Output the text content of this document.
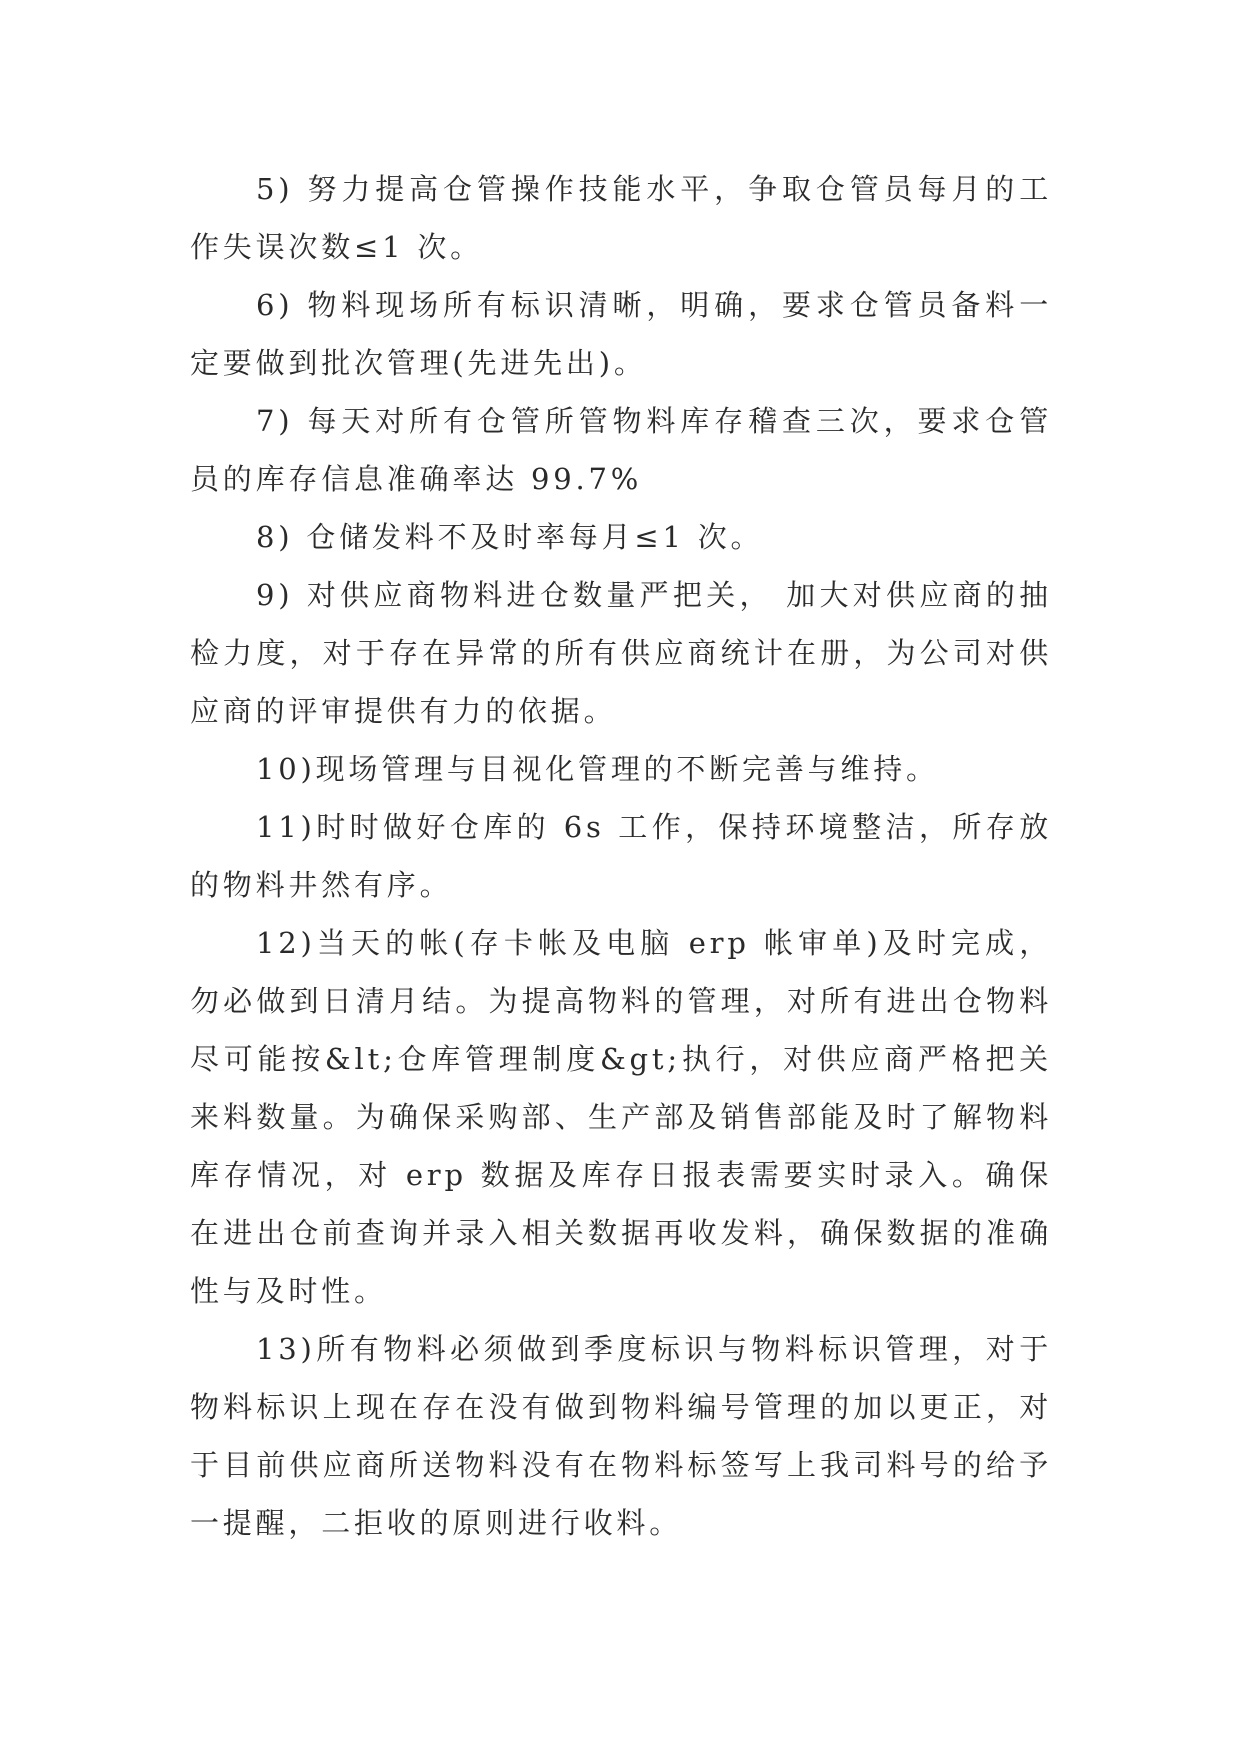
5) 努力提高仓管操作技能水平，争取仓管员每月的工作失误次数≤1 次。

6) 物料现场所有标识清晰，明确，要求仓管员备料一定要做到批次管理(先进先出)。

7) 每天对所有仓管所管物料库存稽查三次，要求仓管员的库存信息准确率达 99.7%

8) 仓储发料不及时率每月≤1 次。

9) 对供应商物料进仓数量严把关， 加大对供应商的抽检力度，对于存在异常的所有供应商统计在册，为公司对供应商的评审提供有力的依据。

10)现场管理与目视化管理的不断完善与维持。

11)时时做好仓库的 6s 工作，保持环境整洁，所存放的物料井然有序。

12)当天的帐(存卡帐及电脑 erp 帐审单)及时完成，勿必做到日清月结。为提高物料的管理，对所有进出仓物料尽可能按&lt;仓库管理制度&gt;执行，对供应商严格把关来料数量。为确保采购部、生产部及销售部能及时了解物料库存情况，对 erp 数据及库存日报表需要实时录入。确保在进出仓前查询并录入相关数据再收发料，确保数据的准确性与及时性。

13)所有物料必须做到季度标识与物料标识管理，对于物料标识上现在存在没有做到物料编号管理的加以更正，对于目前供应商所送物料没有在物料标签写上我司料号的给予一提醒，二拒收的原则进行收料。
